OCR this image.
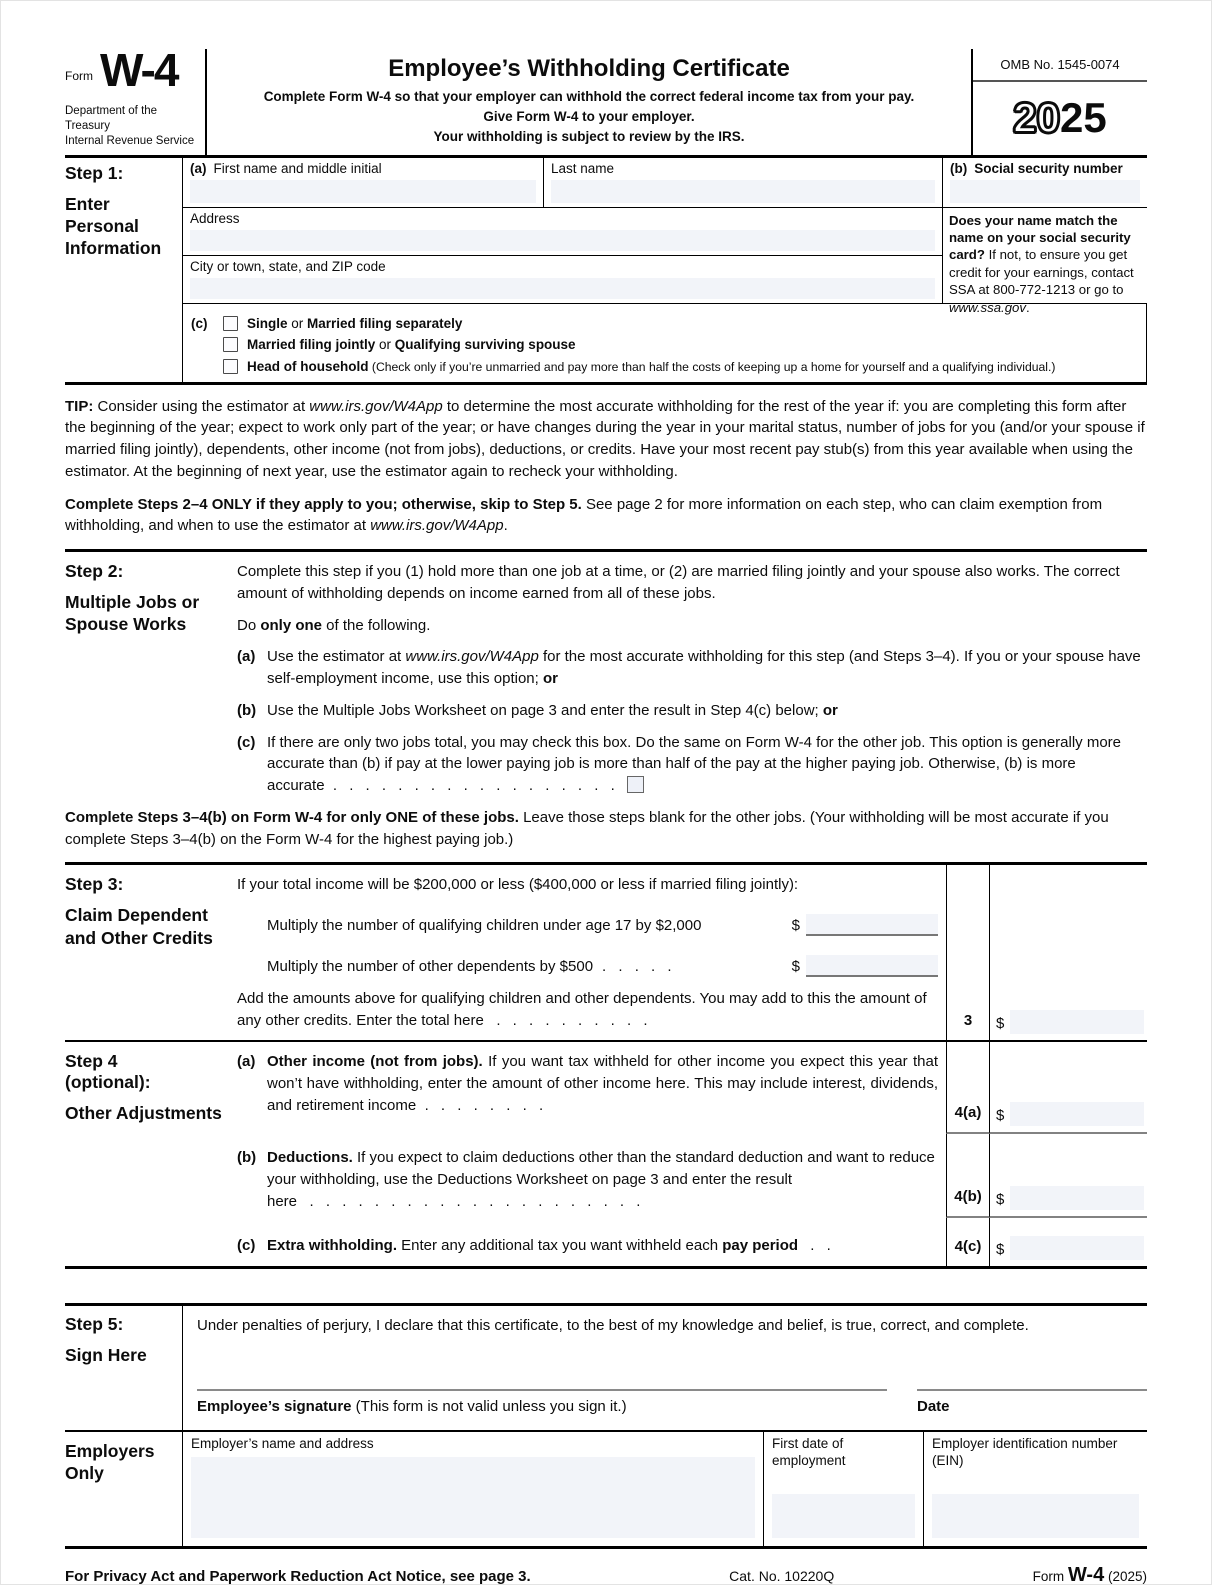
Form W-4
Department of the Treasury
Internal Revenue Service
Employee’s Withholding Certificate
Complete Form W-4 so that your employer can withhold the correct federal income tax from your pay.
Give Form W-4 to your employer.
Your withholding is subject to review by the IRS.
OMB No. 1545-0074
20 25
Step 1:
Enter Personal Information
(a) First name and middle initial	Last name	(b) Social security number
Address	Does your name match the name on your social security card? If not, to ensure you get credit for your earnings, contact SSA at 800-772-1213 or go to www.ssa.gov.
City or town, state, and ZIP code
(c)	Single or Married filing separately
Married filing jointly or Qualifying surviving spouse
Head of household (Check only if you’re unmarried and pay more than half the costs of keeping up a home for yourself and a qualifying individual.)
TIP: Consider using the estimator at www.irs.gov/W4App to determine the most accurate withholding for the rest of the year if: you are completing this form after the beginning of the year; expect to work only part of the year; or have changes during the year in your marital status, number of jobs for you (and/or your spouse if married filing jointly), dependents, other income (not from jobs), deductions, or credits. Have your most recent pay stub(s) from this year available when using the estimator. At the beginning of next year, use the estimator again to recheck your withholding.
Complete Steps 2–4 ONLY if they apply to you; otherwise, skip to Step 5. See page 2 for more information on each step, who can claim exemption from withholding, and when to use the estimator at www.irs.gov/W4App.
Step 2:
Multiple Jobs or Spouse Works
Complete this step if you (1) hold more than one job at a time, or (2) are married filing jointly and your spouse also works. The correct amount of withholding depends on income earned from all of these jobs.
Do only one of the following.
(a) Use the estimator at www.irs.gov/W4App for the most accurate withholding for this step (and Steps 3–4). If you or your spouse have self-employment income, use this option; or
(b) Use the Multiple Jobs Worksheet on page 3 and enter the result in Step 4(c) below; or
(c) If there are only two jobs total, you may check this box. Do the same on Form W-4 for the other job. This option is generally more accurate than (b) if pay at the lower paying job is more than half of the pay at the higher paying job. Otherwise, (b) is more accurate . . . . . . . . . . . . . . . . . .
Complete Steps 3–4(b) on Form W-4 for only ONE of these jobs. Leave those steps blank for the other jobs. (Your withholding will be most accurate if you complete Steps 3–4(b) on the Form W-4 for the highest paying job.)
Step 3:
Claim Dependent and Other Credits
If your total income will be $200,000 or less ($400,000 or less if married filing jointly):
Multiply the number of qualifying children under age 17 by $2,000	$
Multiply the number of other dependents by $500 . . . . .	$
Add the amounts above for qualifying children and other dependents. You may add to this the amount of any other credits. Enter the total here . . . . . . . . . .	3	$
Step 4
(optional):
Other Adjustments
(a) Other income (not from jobs). If you want tax withheld for other income you expect this year that won’t have withholding, enter the amount of other income here. This may include interest, dividends, and retirement income . . . . . . . .	4(a) $
(b) Deductions. If you expect to claim deductions other than the standard deduction and want to reduce your withholding, use the Deductions Worksheet on page 3 and enter the result here . . . . . . . . . . . . . . . . . . . . .	4(b) $
(c) Extra withholding. Enter any additional tax you want withheld each pay period . .	4(c) $
Step 5:
Sign Here
Under penalties of perjury, I declare that this certificate, to the best of my knowledge and belief, is true, correct, and complete.
Employee’s signature (This form is not valid unless you sign it.)	Date
Employers
Only
Employer’s name and address	First date of employment
Employer identification number (EIN)
For Privacy Act and Paperwork Reduction Act Notice, see page 3.	Cat. No. 10220Q	Form W-4 (2025)
